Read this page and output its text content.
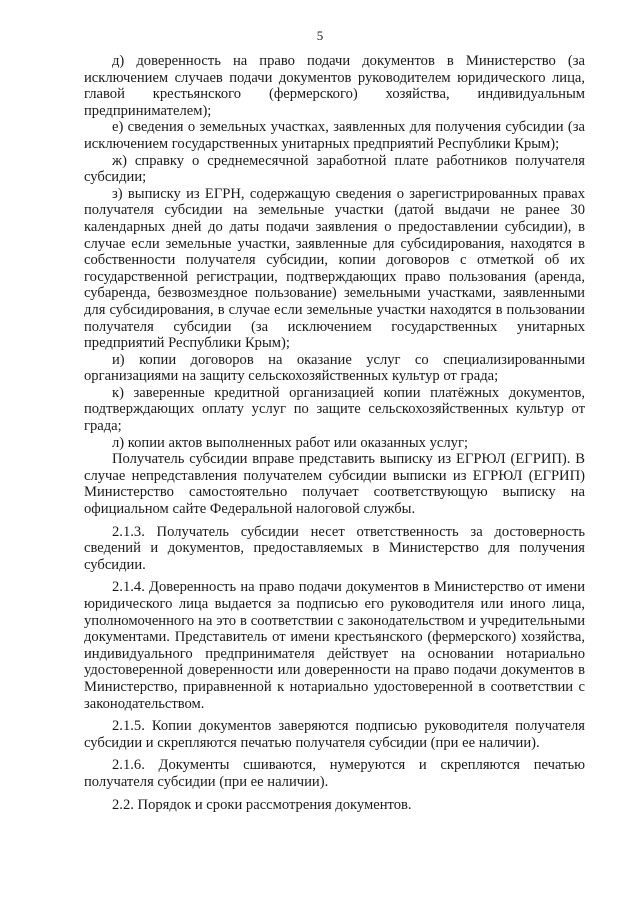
5

д) доверенность на право подачи документов в Министерство (за исключением случаев подачи документов руководителем юридического лица, главой крестьянского (фермерского) хозяйства, индивидуальным предпринимателем);

е) сведения о земельных участках, заявленных для получения субсидии (за исключением государственных унитарных предприятий Республики Крым);

ж) справку о среднемесячной заработной плате работников получателя субсидии;

з) выписку из ЕГРН, содержащую сведения о зарегистрированных правах получателя субсидии на земельные участки (датой выдачи не ранее 30 календарных дней до даты подачи заявления о предоставлении субсидии), в случае если земельные участки, заявленные для субсидирования, находятся в собственности получателя субсидии, копии договоров с отметкой об их государственной регистрации, подтверждающих право пользования (аренда, субаренда, безвозмездное пользование) земельными участками, заявленными для субсидирования, в случае если земельные участки находятся в пользовании получателя субсидии (за исключением государственных унитарных предприятий Республики Крым);

и) копии договоров на оказание услуг со специализированными организациями на защиту сельскохозяйственных культур от града;

к) заверенные кредитной организацией копии платёжных документов, подтверждающих оплату услуг по защите сельскохозяйственных культур от града;

л) копии актов выполненных работ или оказанных услуг;

Получатель субсидии вправе представить выписку из ЕГРЮЛ (ЕГРИП). В случае непредставления получателем субсидии выписки из ЕГРЮЛ (ЕГРИП) Министерство самостоятельно получает соответствующую выписку на официальном сайте Федеральной налоговой службы.

2.1.3. Получатель субсидии несет ответственность за достоверность сведений и документов, предоставляемых в Министерство для получения субсидии.

2.1.4. Доверенность на право подачи документов в Министерство от имени юридического лица выдается за подписью его руководителя или иного лица, уполномоченного на это в соответствии с законодательством и учредительными документами. Представитель от имени крестьянского (фермерского) хозяйства, индивидуального предпринимателя действует на основании нотариально удостоверенной доверенности или доверенности на право подачи документов в Министерство, приравненной к нотариально удостоверенной в соответствии с законодательством.

2.1.5. Копии документов заверяются подписью руководителя получателя субсидии и скрепляются печатью получателя субсидии (при ее наличии).

2.1.6. Документы сшиваются, нумеруются и скрепляются печатью получателя субсидии (при ее наличии).

2.2. Порядок и сроки рассмотрения документов.
